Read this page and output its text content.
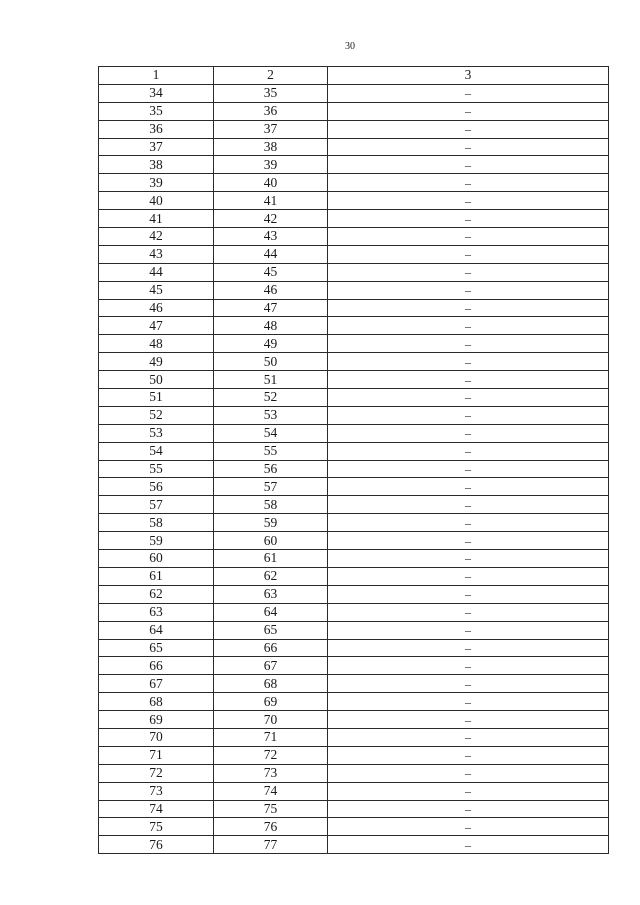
30
1	2	3
34	35	–
35	36	–
36	37	–
37	38	–
38	39	–
39	40	–
40	41	–
41	42	–
42	43	–
43	44	–
44	45	–
45	46	–
46	47	–
47	48	–
48	49	–
49	50	–
50	51	–
51	52	–
52	53	–
53	54	–
54	55	–
55	56	–
56	57	–
57	58	–
58	59	–
59	60	–
60	61	–
61	62	–
62	63	–
63	64	–
64	65	–
65	66	–
66	67	–
67	68	–
68	69	–
69	70	–
70	71	–
71	72	–
72	73	–
73	74	–
74	75	–
75	76	–
76	77	–
